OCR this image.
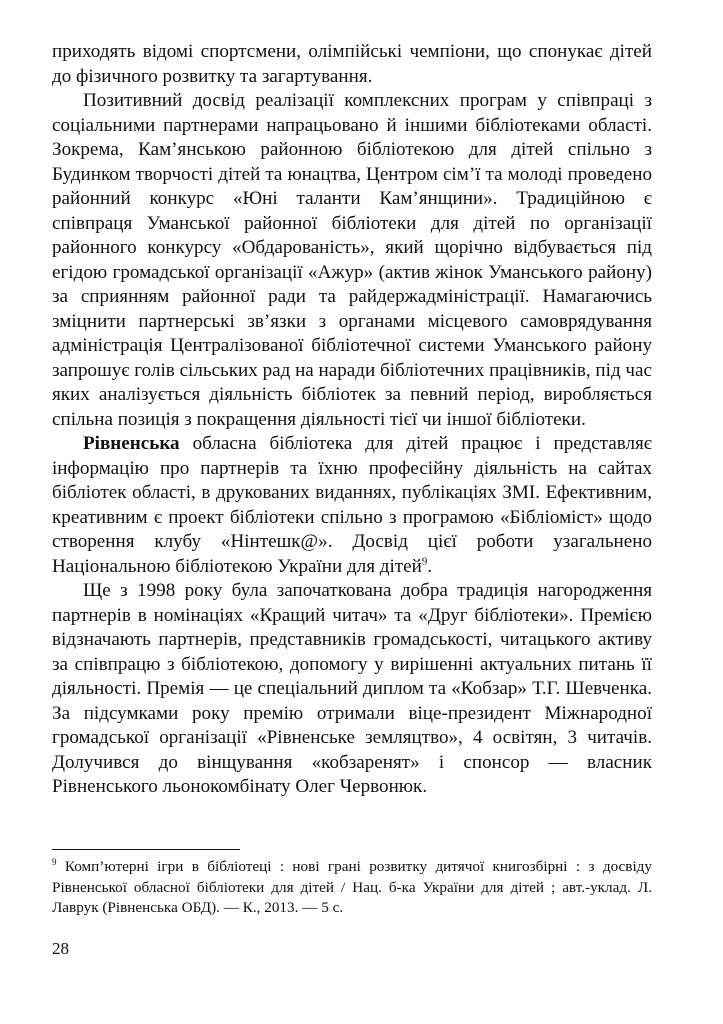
приходять відомі спортсмени, олімпійські чемпіони, що спонукає дітей до фізичного розвитку та загартування.

Позитивний досвід реалізації комплексних програм у співпраці з соціальними партнерами напрацьовано й іншими бібліотеками області. Зокрема, Кам’янською районною бібліотекою для дітей спільно з Будинком творчості дітей та юнацтва, Центром сім’ї та молоді проведено районний конкурс «Юні таланти Кам’янщини». Традиційною є співпраця Уманської районної бібліотеки для дітей по організації районного конкурсу «Обдарованість», який щорічно відбувається під егідою громадської організації «Ажур» (актив жінок Уманського району) за сприянням районної ради та райдержадміністрації. Намагаючись зміцнити партнерські зв’язки з органами місцевого самоврядування адміністрація Централізованої бібліотечної системи Уманського району запрошує голів сільських рад на наради бібліотечних працівників, під час яких аналізується діяльність бібліотек за певний період, виробляється спільна позиція з покращення діяльності тієї чи іншої бібліотеки.

Рівненська обласна бібліотека для дітей працює і представляє інформацію про партнерів та їхню професійну діяльність на сайтах бібліотек області, в друкованих виданнях, публікаціях ЗМІ. Ефективним, креативним є проект бібліотеки спільно з програмою «Бібліоміст» щодо створення клубу «Нінтешк@». Досвід цієї роботи узагальнено Національною бібліотекою України для дітей$^9$.

Ще з 1998 року була започаткована добра традиція нагородження партнерів в номінаціях «Кращий читач» та «Друг бібліотеки». Премією відзначають партнерів, представників громадськості, читацького активу за співпрацю з бібліотекою, допомогу у вирішенні актуальних питань її діяльності. Премія — це спеціальний диплом та «Кобзар» Т.Г. Шевченка. За підсумками року премію отримали віце-президент Міжнародної громадської організації «Рівненське земляцтво», 4 освітян, 3 читачів. Долучився до вінщування «кобзаренят» і спонсор — власник Рівненського льонокомбінату Олег Червонюк.

$^9$ Комп’ютерні ігри в бібліотеці : нові грані розвитку дитячої книгозбірні : з досвіду Рівненської обласної бібліотеки для дітей / Нац. б-ка України для дітей ; авт.-уклад. Л. Лаврук (Рівненська ОБД). — К., 2013. — 5 с.

28
